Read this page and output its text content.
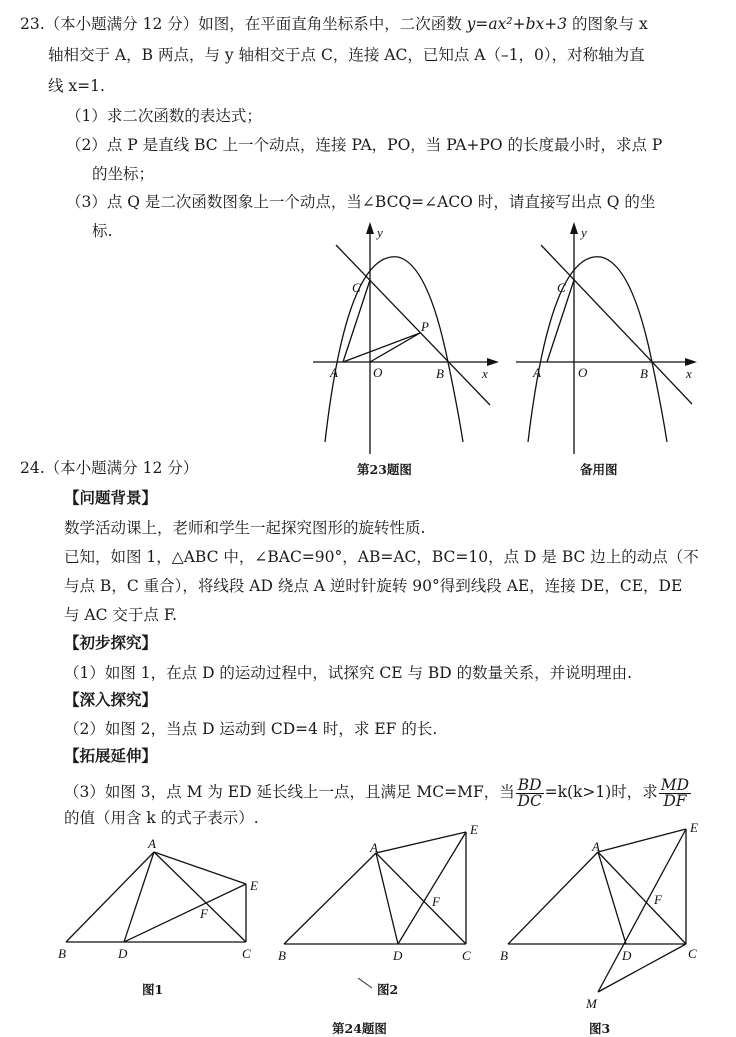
23.（本小题满分 12 分）如图，在平面直角坐标系中，二次函数 y=ax²+bx+3 的图象与 x
轴相交于 A，B 两点，与 y 轴相交于点 C，连接 AC，已知点 A（–1，0），对称轴为直
线 x=1.
（1）求二次函数的表达式；
（2）点 P 是直线 BC 上一个动点，连接 PA，PO，当 PA+PO 的长度最小时，求点 P
的坐标；
（3）点 Q 是二次函数图象上一个动点，当∠BCQ=∠ACO 时，请直接写出点 Q 的坐
标.	y
x
C
P
A	O	B
y
x
C
A	O	B
第23题图	备用图
24.（本小题满分 12 分）
【问题背景】
数学活动课上，老师和学生一起探究图形的旋转性质.
已知，如图 1，△ABC 中，∠BAC=90°，AB=AC，BC=10，点 D 是 BC 边上的动点（不
与点 B，C 重合），将线段 AD 绕点 A 逆时针旋转 90°得到线段 AE，连接 DE，CE，DE
与 AC 交于点 F.
【初步探究】
（1）如图 1，在点 D 的运动过程中，试探究 CE 与 BD 的数量关系，并说明理由.
【深入探究】
（2）如图 2，当点 D 运动到 CD=4 时，求 EF 的长.
【拓展延伸】
（3）如图 3，点 M 为 ED 延长线上一点，且满足 MC=MF，当 $\frac{BD}{DC} =k(k>1)$时，求 $\frac{MD}{DF}$
的值（用含 k 的式子表示）.
A
B	D	C
E
F
A
B	D	C
E
F
A
B	D	C
E
F
M
图1	图2
第24题图	图3
